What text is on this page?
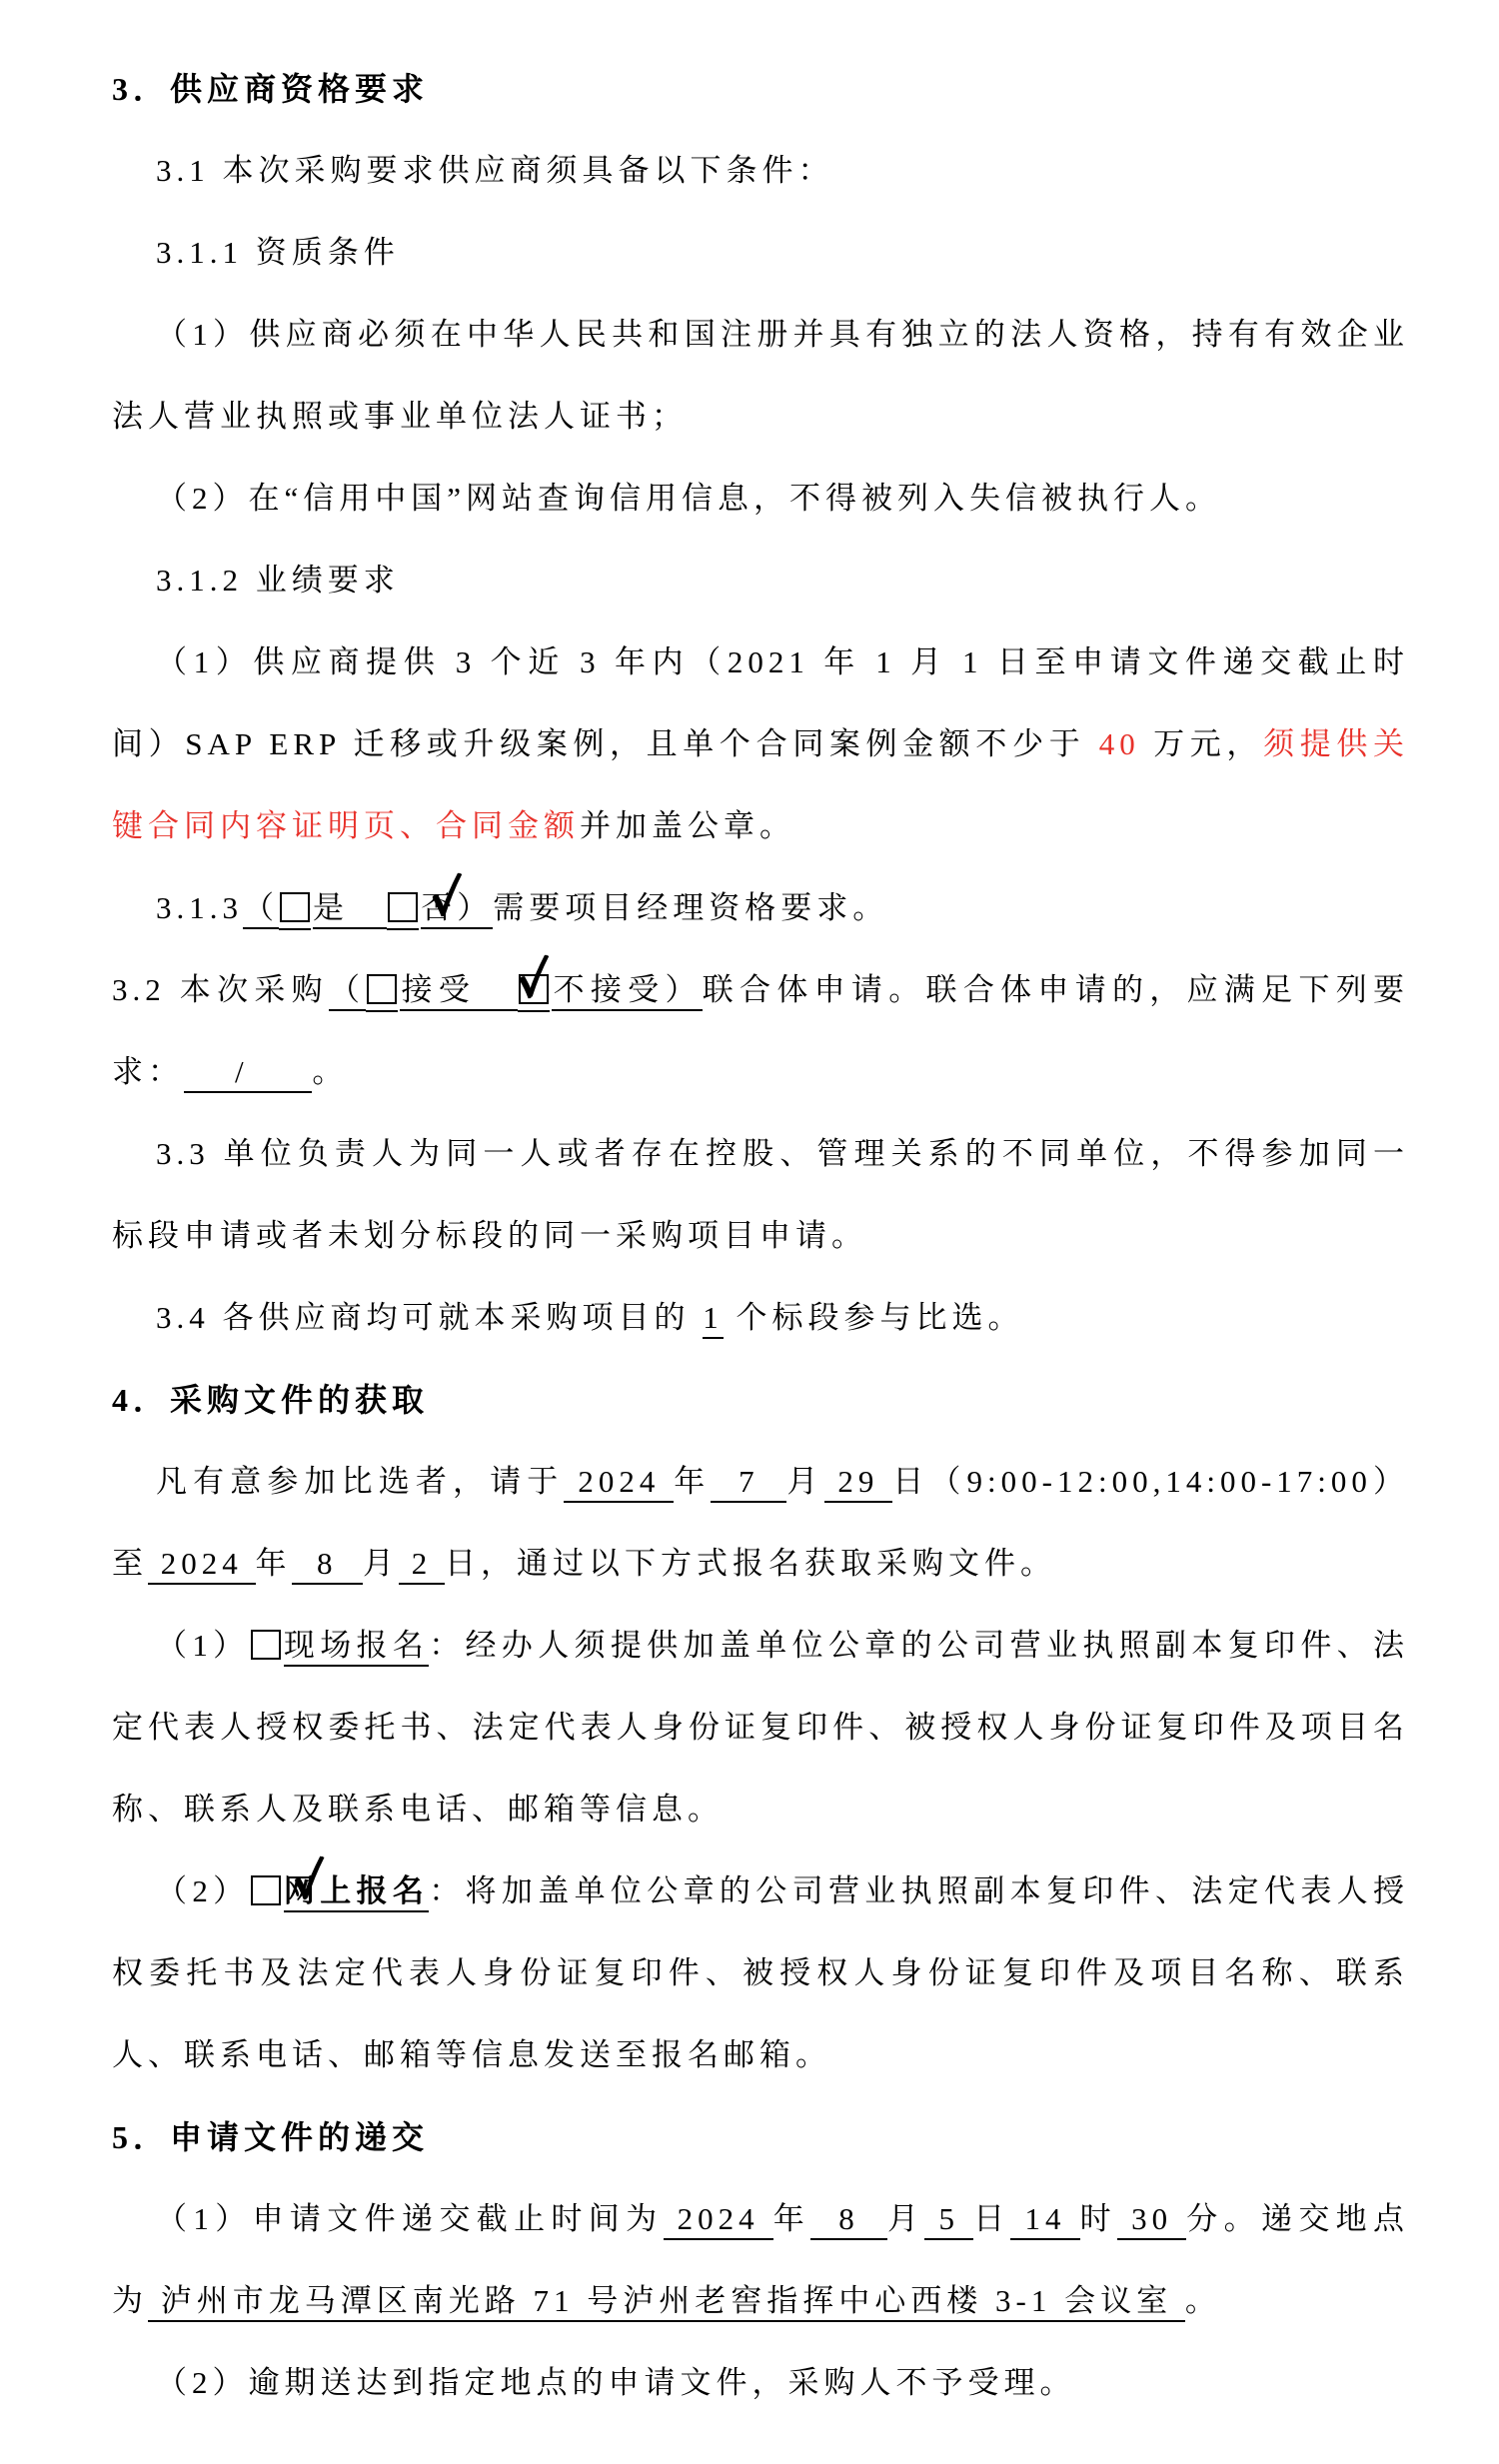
3．供应商资格要求

3.1 本次采购要求供应商须具备以下条件：

3.1.1 资质条件

（1）供应商必须在中华人民共和国注册并具有独立的法人资格，持有有效企业法人营业执照或事业单位法人证书；

（2）在“信用中国”网站查询信用信息，不得被列入失信被执行人。

3.1.2 业绩要求

（1）供应商提供 3 个近 3 年内（2021 年 1 月 1 日至申请文件递交截止时间）SAP ERP 迁移或升级案例，且单个合同案例金额不少于 40 万元，须提供关键合同内容证明页、合同金额并加盖公章。

3.1.3（ 是 ✓ 否）需要项目经理资格要求。

3.2 本次采购（ 接受 ✓ 不接受）联合体申请。联合体申请的，应满足下列要求：    /     。

3.3 单位负责人为同一人或者存在控股、管理关系的不同单位，不得参加同一标段申请或者未划分标段的同一采购项目申请。

3.4 各供应商均可就本采购项目的 1 个标段参与比选。

4．采购文件的获取

凡有意参加比选者，请于 2024 年  7  月 29 日（9:00-12:00,14:00-17:00）至 2024 年  8  月 2 日，通过以下方式报名获取采购文件。

（1） 现场报名：经办人须提供加盖单位公章的公司营业执照副本复印件、法定代表人授权委托书、法定代表人身份证复印件、被授权人身份证复印件及项目名称、联系人及联系电话、邮箱等信息。

（2） ✓ 网上报名：将加盖单位公章的公司营业执照副本复印件、法定代表人授权委托书及法定代表人身份证复印件、被授权人身份证复印件及项目名称、联系人、联系电话、邮箱等信息发送至报名邮箱。

5．申请文件的递交

（1）申请文件递交截止时间为 2024 年  8  月 5 日 14 时 30 分。递交地点为 泸州市龙马潭区南光路 71 号泸州老窖指挥中心西楼 3-1 会议室 。

（2）逾期送达到指定地点的申请文件，采购人不予受理。
